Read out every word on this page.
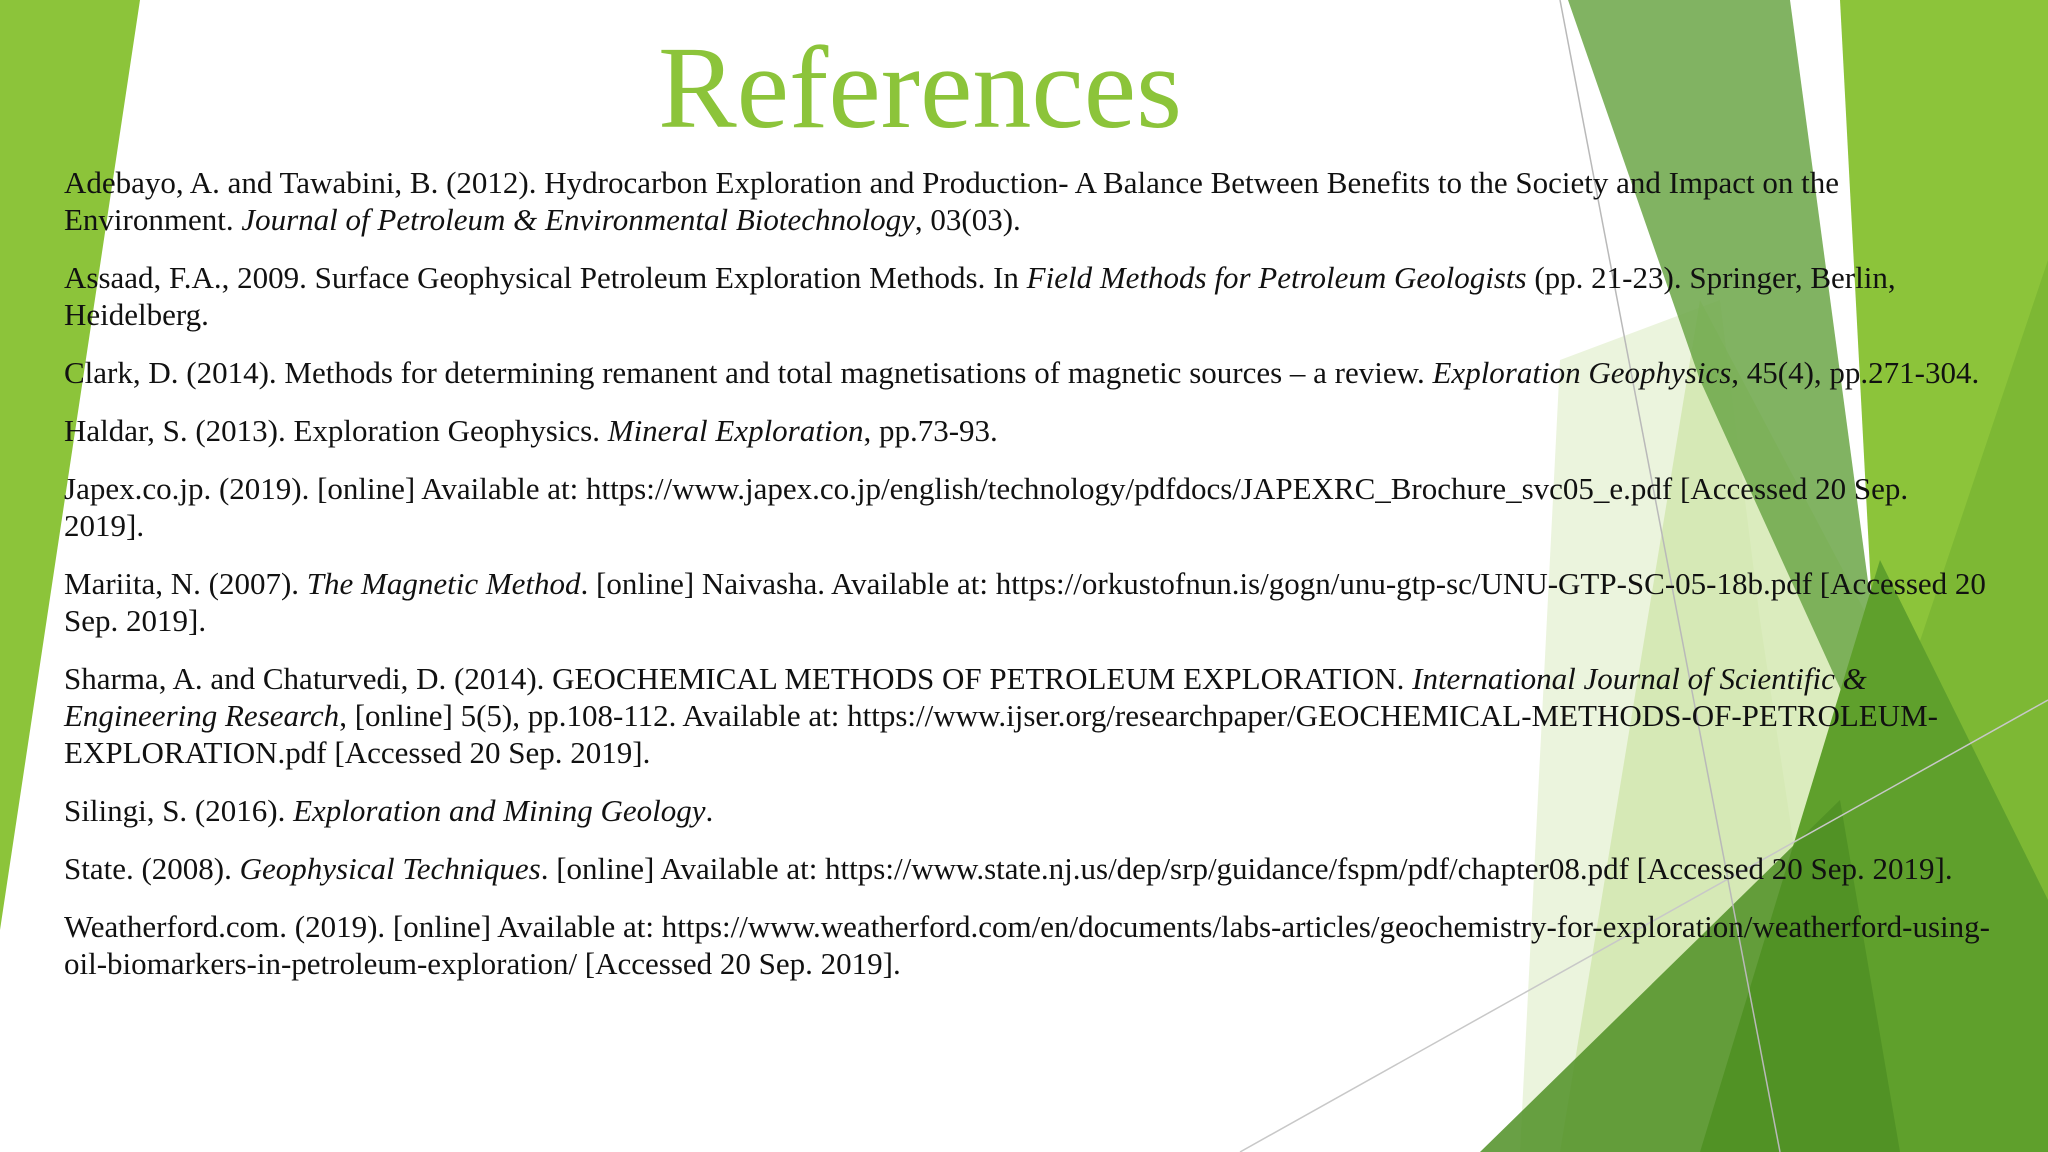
References
Adebayo, A. and Tawabini, B. (2012). Hydrocarbon Exploration and Production- A Balance Between Benefits to the Society and Impact on the Environment. Journal of Petroleum & Environmental Biotechnology, 03(03).
Assaad, F.A., 2009. Surface Geophysical Petroleum Exploration Methods. In Field Methods for Petroleum Geologists (pp. 21-23). Springer, Berlin, Heidelberg.
Clark, D. (2014). Methods for determining remanent and total magnetisations of magnetic sources – a review. Exploration Geophysics, 45(4), pp.271-304.
Haldar, S. (2013). Exploration Geophysics. Mineral Exploration, pp.73-93.
Japex.co.jp. (2019). [online] Available at: https://www.japex.co.jp/english/technology/pdfdocs/JAPEXRC_Brochure_svc05_e.pdf [Accessed 20 Sep. 2019].
Mariita, N. (2007). The Magnetic Method. [online] Naivasha. Available at: https://orkustofnun.is/gogn/unu-gtp-sc/UNU-GTP-SC-05-18b.pdf [Accessed 20 Sep. 2019].
Sharma, A. and Chaturvedi, D. (2014). GEOCHEMICAL METHODS OF PETROLEUM EXPLORATION. International Journal of Scientific & Engineering Research, [online] 5(5), pp.108-112. Available at: https://www.ijser.org/researchpaper/GEOCHEMICAL-METHODS-OF-PETROLEUM-EXPLORATION.pdf [Accessed 20 Sep. 2019].
Silingi, S. (2016). Exploration and Mining Geology.
State. (2008). Geophysical Techniques. [online] Available at: https://www.state.nj.us/dep/srp/guidance/fspm/pdf/chapter08.pdf [Accessed 20 Sep. 2019].
Weatherford.com. (2019). [online] Available at: https://www.weatherford.com/en/documents/labs-articles/geochemistry-for-exploration/weatherford-using-oil-biomarkers-in-petroleum-exploration/ [Accessed 20 Sep. 2019].
